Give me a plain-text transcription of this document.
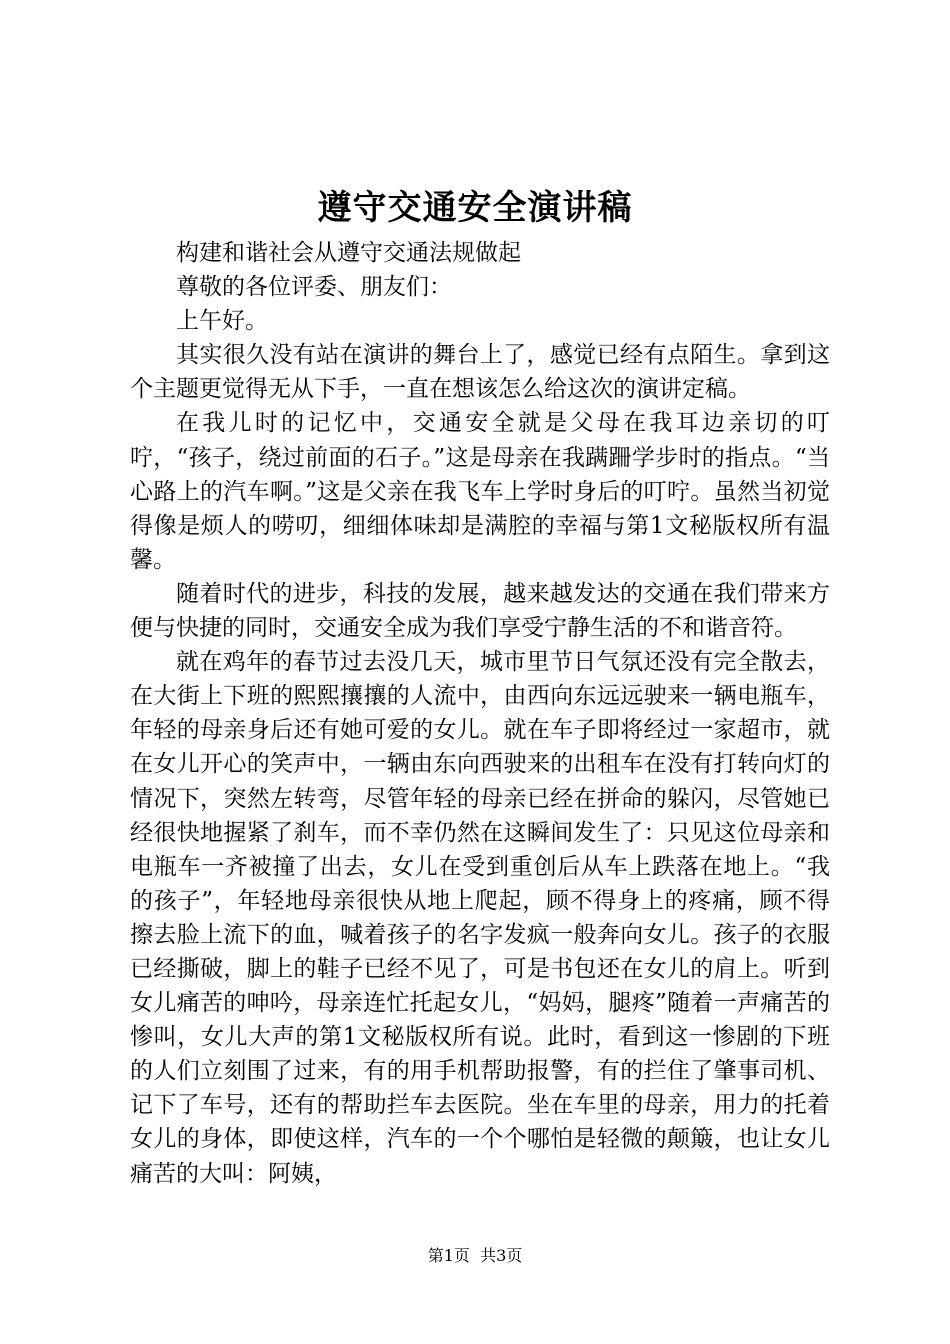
遵守交通安全演讲稿

构建和谐社会从遵守交通法规做起

尊敬的各位评委、朋友们：

上午好。

其实很久没有站在演讲的舞台上了，感觉已经有点陌生。拿到这个主题更觉得无从下手，一直在想该怎么给这次的演讲定稿。

在我儿时的记忆中，交通安全就是父母在我耳边亲切的叮咛，“孩子，绕过前面的石子。”这是母亲在我蹒跚学步时的指点。“当心路上的汽车啊。”这是父亲在我飞车上学时身后的叮咛。虽然当初觉得像是烦人的唠叨，细细体味却是满腔的幸福与第1文秘版权所有温馨。

随着时代的进步，科技的发展，越来越发达的交通在我们带来方便与快捷的同时，交通安全成为我们享受宁静生活的不和谐音符。

就在鸡年的春节过去没几天，城市里节日气氛还没有完全散去，在大街上下班的熙熙攘攘的人流中，由西向东远远驶来一辆电瓶车，年轻的母亲身后还有她可爱的女儿。就在车子即将经过一家超市，就在女儿开心的笑声中，一辆由东向西驶来的出租车在没有打转向灯的情况下，突然左转弯，尽管年轻的母亲已经在拼命的躲闪，尽管她已经很快地握紧了刹车，而不幸仍然在这瞬间发生了：只见这位母亲和电瓶车一齐被撞了出去，女儿在受到重创后从车上跌落在地上。“我的孩子”，年轻地母亲很快从地上爬起，顾不得身上的疼痛，顾不得擦去脸上流下的血，喊着孩子的名字发疯一般奔向女儿。孩子的衣服已经撕破，脚上的鞋子已经不见了，可是书包还在女儿的肩上。听到女儿痛苦的呻吟，母亲连忙托起女儿，“妈妈，腿疼”随着一声痛苦的惨叫，女儿大声的第1文秘版权所有说。此时，看到这一惨剧的下班的人们立刻围了过来，有的用手机帮助报警，有的拦住了肇事司机、记下了车号，还有的帮助拦车去医院。坐在车里的母亲，用力的托着女儿的身体，即使这样，汽车的一个个哪怕是轻微的颠簸，也让女儿痛苦的大叫：阿姨，

第1页  共3页
